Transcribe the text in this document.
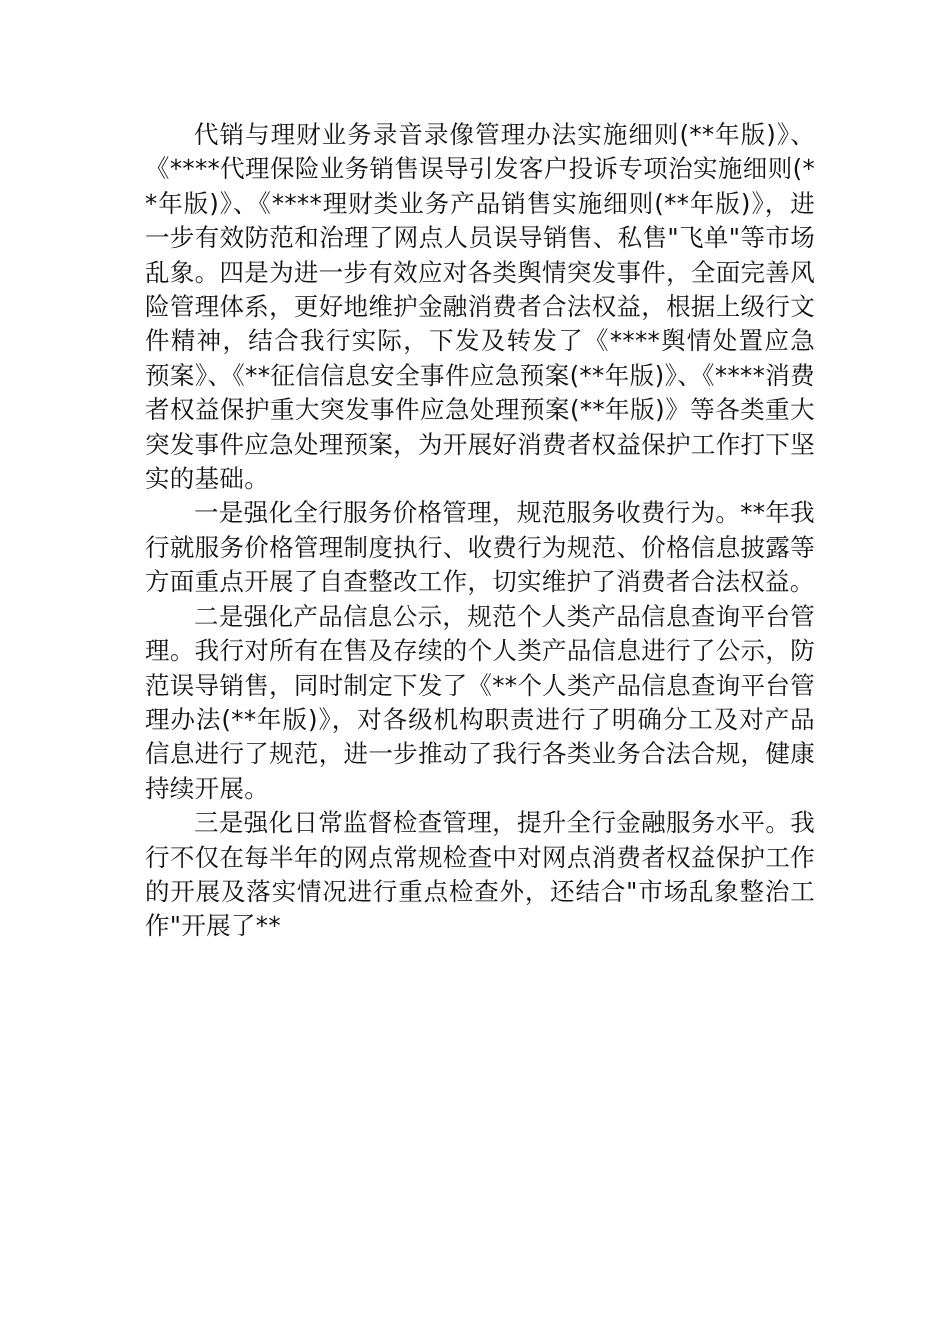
代销与理财业务录音录像管理办法实施细则(**年版)》、《****代理保险业务销售误导引发客户投诉专项治实施细则(**年版)》、《****理财类业务产品销售实施细则(**年版)》，进一步有效防范和治理了网点人员误导销售、私售"飞单"等市场乱象。四是为进一步有效应对各类舆情突发事件，全面完善风险管理体系，更好地维护金融消费者合法权益，根据上级行文件精神，结合我行实际，下发及转发了《****舆情处置应急预案》、《**征信信息安全事件应急预案(**年版)》、《****消费者权益保护重大突发事件应急处理预案(**年版)》等各类重大突发事件应急处理预案，为开展好消费者权益保护工作打下坚实的基础。

一是强化全行服务价格管理，规范服务收费行为。**年我行就服务价格管理制度执行、收费行为规范、价格信息披露等方面重点开展了自查整改工作，切实维护了消费者合法权益。

二是强化产品信息公示，规范个人类产品信息查询平台管理。我行对所有在售及存续的个人类产品信息进行了公示，防范误导销售，同时制定下发了《**个人类产品信息查询平台管理办法(**年版)》，对各级机构职责进行了明确分工及对产品信息进行了规范，进一步推动了我行各类业务合法合规，健康持续开展。

三是强化日常监督检查管理，提升全行金融服务水平。我行不仅在每半年的网点常规检查中对网点消费者权益保护工作的开展及落实情况进行重点检查外，还结合"市场乱象整治工作"开展了**
